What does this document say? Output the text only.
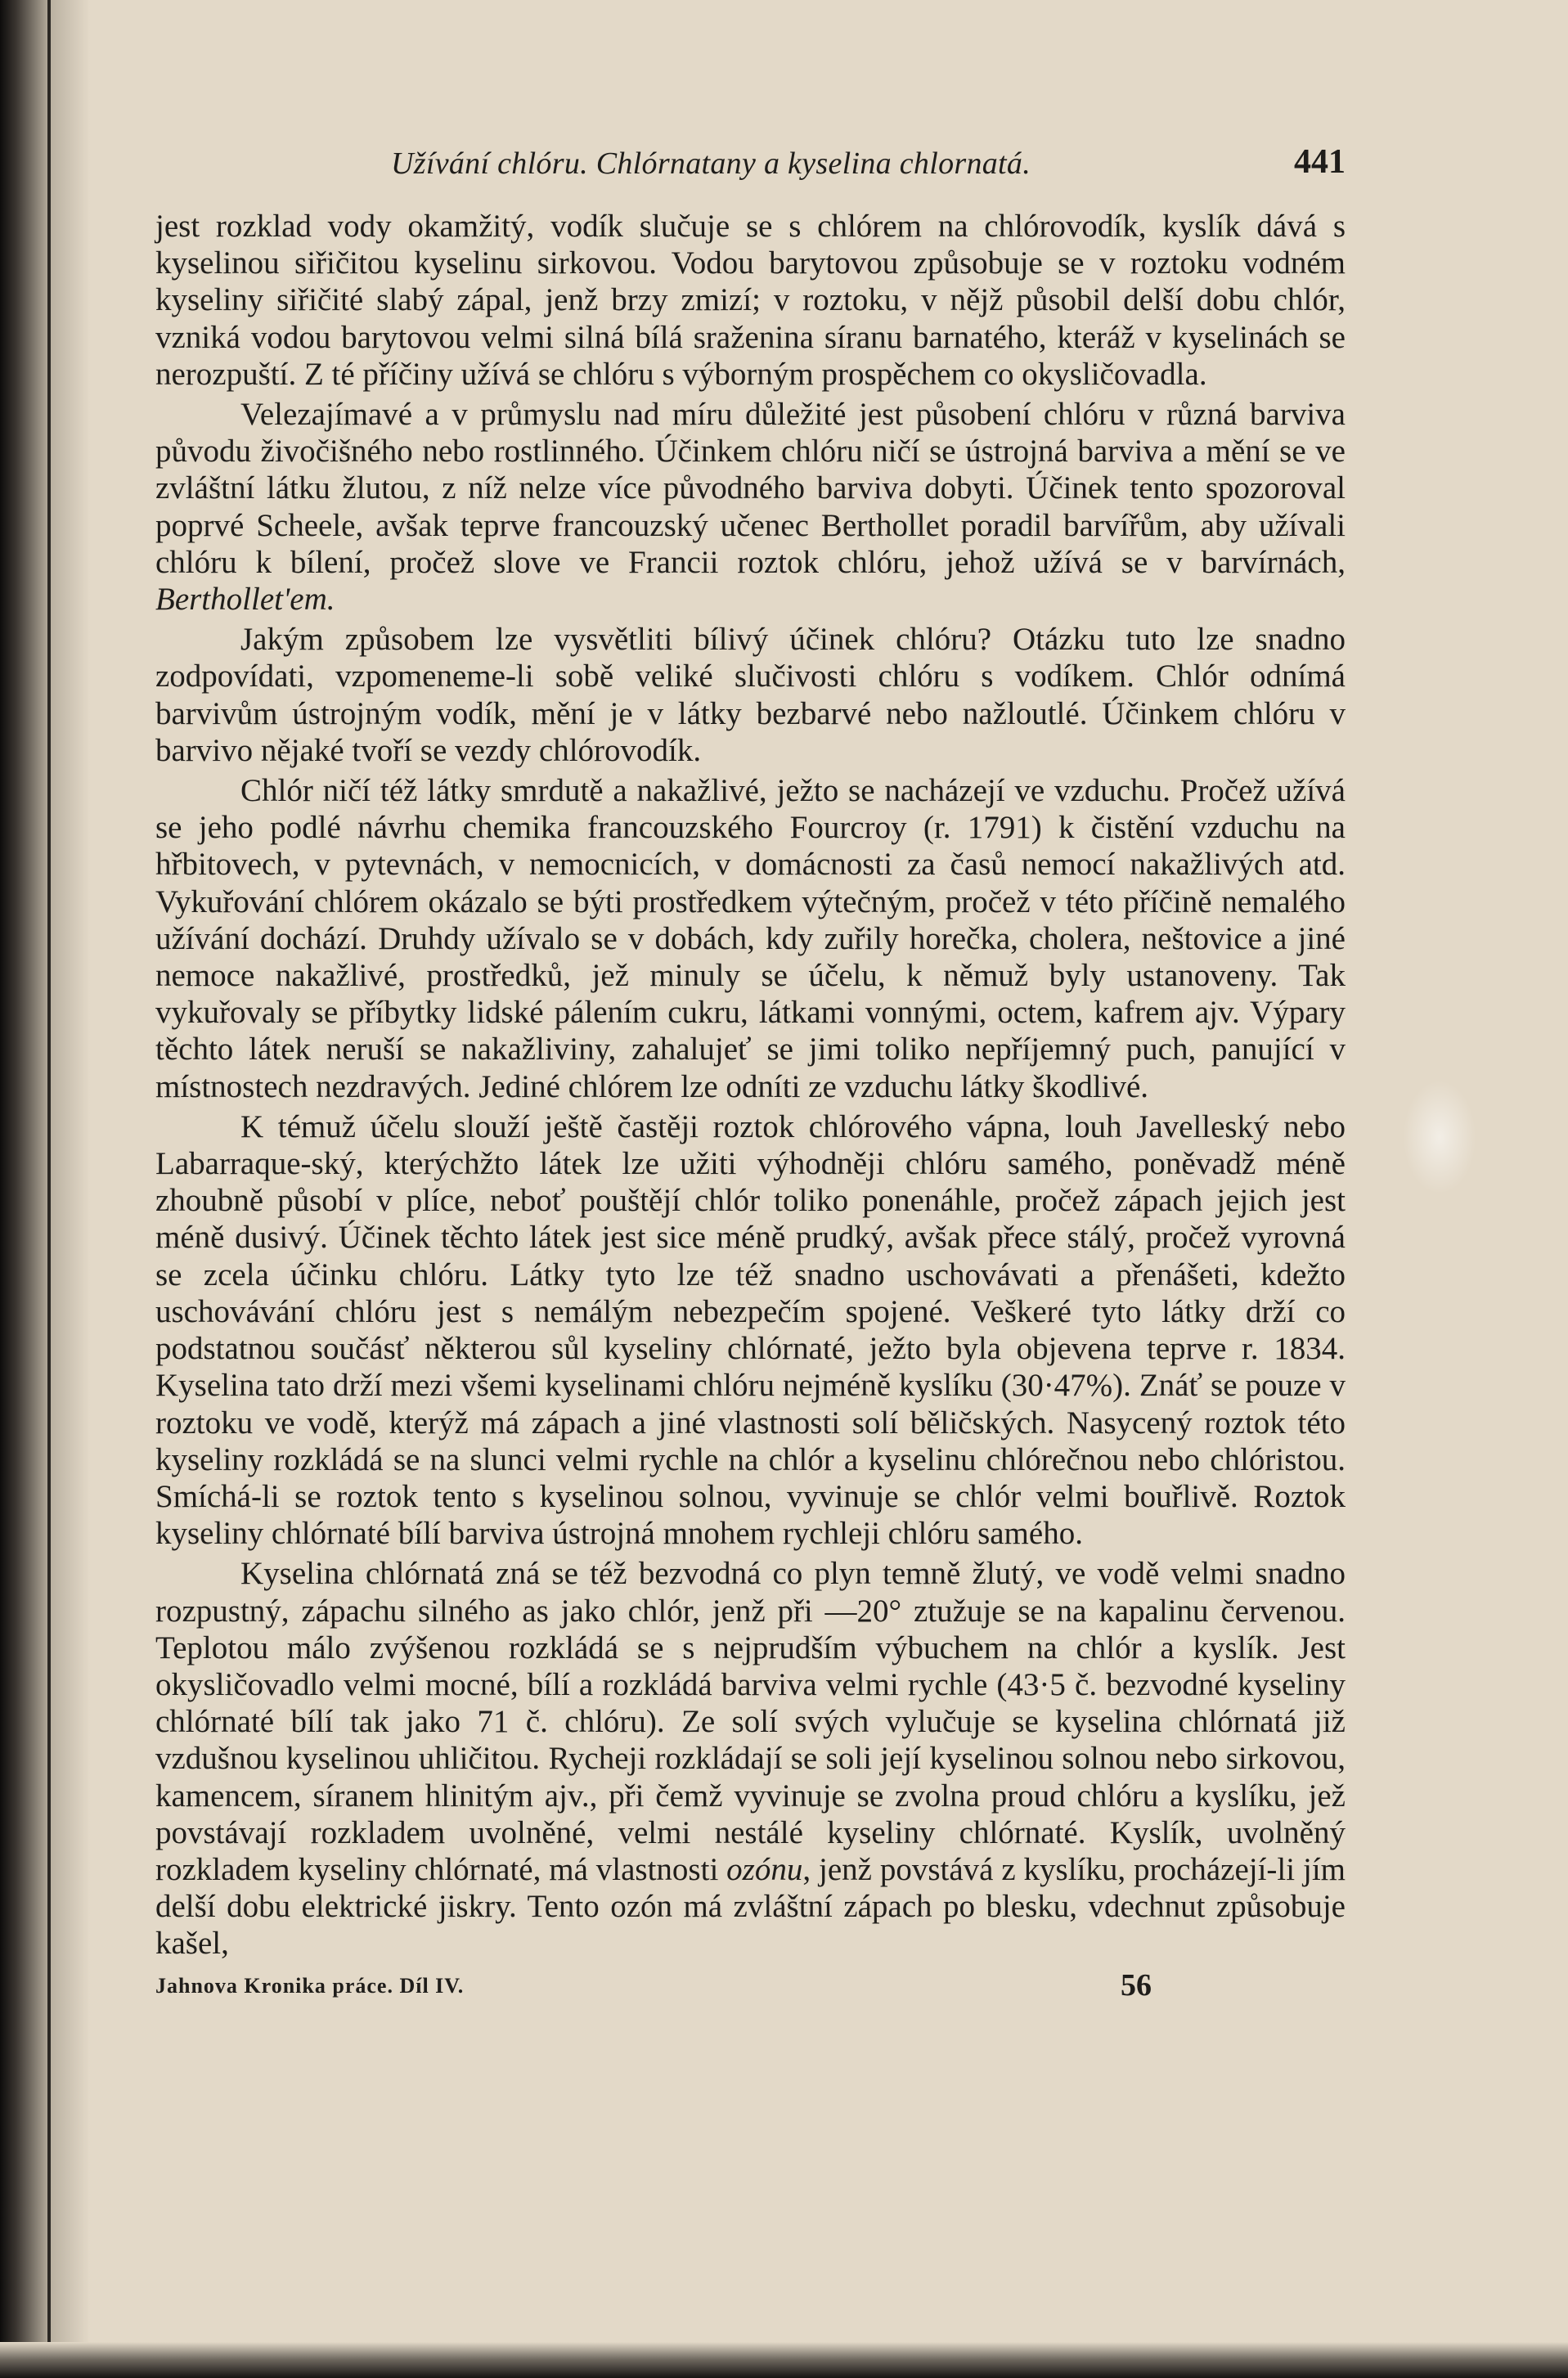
Užívání chlóru. Chlórnatany a kyselina chlornatá.	441

jest rozklad vody okamžitý, vodík slučuje se s chlórem na chlórovodík, kyslík dává s kyselinou siřičitou kyselinu sirkovou. Vodou barytovou způsobuje se v roztoku vodném kyseliny siřičité slabý zápal, jenž brzy zmizí; v roztoku, v nějž působil delší dobu chlór, vzniká vodou barytovou velmi silná bílá sraženina síranu barnatého, kteráž v kyselinách se nerozpuští. Z té příčiny užívá se chlóru s výborným prospěchem co okysličovadla.

Velezajímavé a v průmyslu nad míru důležité jest působení chlóru v různá barviva původu živočišného nebo rostlinného. Účinkem chlóru ničí se ústrojná barviva a mění se ve zvláštní látku žlutou, z níž nelze více původného barviva dobyti. Účinek tento spozoroval poprvé Scheele, avšak teprve francouzský učenec Berthollet poradil barvířům, aby užívali chlóru k bílení, pročež slove ve Francii roztok chlóru, jehož užívá se v barvírnách, Berthollet'em.

Jakým způsobem lze vysvětliti bílivý účinek chlóru? Otázku tuto lze snadno zodpovídati, vzpomeneme-li sobě veliké slučivosti chlóru s vodíkem. Chlór odnímá barvivům ústrojným vodík, mění je v látky bezbarvé nebo nažloutlé. Účinkem chlóru v barvivo nějaké tvoří se vezdy chlórovodík.

Chlór ničí též látky smrdutě a nakažlivé, ježto se nacházejí ve vzduchu. Pročež užívá se jeho podlé návrhu chemika francouzského Fourcroy (r. 1791) k čistění vzduchu na hřbitovech, v pytevnách, v nemocnicích, v domácnosti za časů nemocí nakažlivých atd. Vykuřování chlórem okázalo se býti prostředkem výtečným, pročež v této příčině nemalého užívání dochází. Druhdy užívalo se v dobách, kdy zuřily horečka, cholera, neštovice a jiné nemoce nakažlivé, prostředků, jež minuly se účelu, k němuž byly ustanoveny. Tak vykuřovaly se příbytky lidské pálením cukru, látkami vonnými, octem, kafrem ajv. Výpary těchto látek neruší se nakažliviny, zahalujeť se jimi toliko nepříjemný puch, panující v místnostech nezdravých. Jediné chlórem lze odníti ze vzduchu látky škodlivé.

K témuž účelu slouží ještě častěji roztok chlórového vápna, louh Javelleský nebo Labarraque-ský, kterýchžto látek lze užiti výhodněji chlóru samého, poněvadž méně zhoubně působí v plíce, neboť pouštějí chlór toliko ponenáhle, pročež zápach jejich jest méně dusivý. Účinek těchto látek jest sice méně prudký, avšak přece stálý, pročež vyrovná se zcela účinku chlóru. Látky tyto lze též snadno uschovávati a přenášeti, kdežto uschovávání chlóru jest s nemálým nebezpečím spojené. Veškeré tyto látky drží co podstatnou součásť některou sůl kyseliny chlórnaté, ježto byla objevena teprve r. 1834. Kyselina tato drží mezi všemi kyselinami chlóru nejméně kyslíku (30·47%). Znáť se pouze v roztoku ve vodě, kterýž má zápach a jiné vlastnosti solí běličských. Nasycený roztok této kyseliny rozkládá se na slunci velmi rychle na chlór a kyselinu chlórečnou nebo chlóristou. Smíchá-li se roztok tento s kyselinou solnou, vyvinuje se chlór velmi bouřlivě. Roztok kyseliny chlórnaté bílí barviva ústrojná mnohem rychleji chlóru samého.

Kyselina chlórnatá zná se též bezvodná co plyn temně žlutý, ve vodě velmi snadno rozpustný, zápachu silného as jako chlór, jenž při —20° ztužuje se na kapalinu červenou. Teplotou málo zvýšenou rozkládá se s nejprudším výbuchem na chlór a kyslík. Jest okysličovadlo velmi mocné, bílí a rozkládá barviva velmi rychle (43·5 č. bezvodné kyseliny chlórnaté bílí tak jako 71 č. chlóru). Ze solí svých vylučuje se kyselina chlórnatá již vzdušnou kyselinou uhličitou. Rycheji rozkládají se soli její kyselinou solnou nebo sirkovou, kamencem, síranem hlinitým ajv., při čemž vyvinuje se zvolna proud chlóru a kyslíku, jež povstávají rozkladem uvolněné, velmi nestálé kyseliny chlórnaté. Kyslík, uvolněný rozkladem kyseliny chlórnaté, má vlastnosti ozónu, jenž povstává z kyslíku, procházejí-li jím delší dobu elektrické jiskry. Tento ozón má zvláštní zápach po blesku, vdechnut způsobuje kašel,

Jahnova Kronika práce. Díl IV.	56
